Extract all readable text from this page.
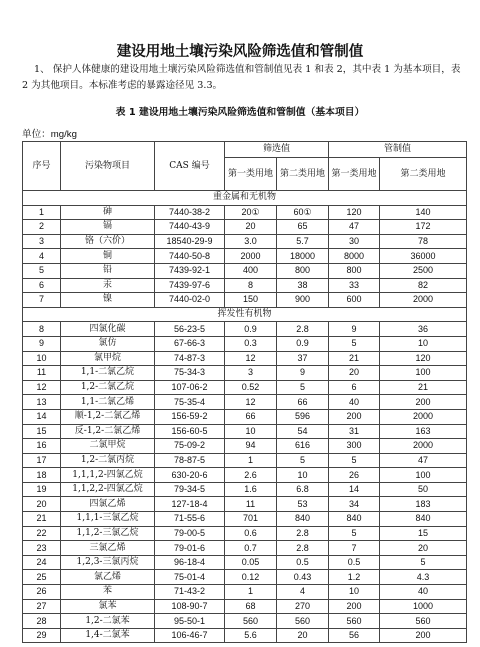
建设用地土壤污染风险筛选值和管制值
1、 保护人体健康的建设用地土壤污染风险筛选值和管制值见表 1 和表 2，其中表 1 为基本项目，表 2 为其他项目。本标准考虑的暴露途径见 3.3。
表 1 建设用地土壤污染风险筛选值和管制值（基本项目）
单位：mg/kg
序号	污染物项目	CAS 编号	筛选值		管制值	
			第一类用地	第二类用地	第一类用地	第二类用地
重金属和无机物						
1	砷	7440-38-2	20①	60①	120	140
2	镉	7440-43-9	20	65	47	172
3	铬（六价）	18540-29-9	3.0	5.7	30	78
4	铜	7440-50-8	2000	18000	8000	36000
5	铅	7439-92-1	400	800	800	2500
6	汞	7439-97-6	8	38	33	82
7	镍	7440-02-0	150	900	600	2000
挥发性有机物						
8	四氯化碳	56-23-5	0.9	2.8	9	36
9	氯仿	67-66-3	0.3	0.9	5	10
10	氯甲烷	74-87-3	12	37	21	120
11	1,1-二氯乙烷	75-34-3	3	9	20	100
12	1,2-二氯乙烷	107-06-2	0.52	5	6	21
13	1,1-二氯乙烯	75-35-4	12	66	40	200
14	顺-1,2-二氯乙烯	156-59-2	66	596	200	2000
15	反-1,2-二氯乙烯	156-60-5	10	54	31	163
16	二氯甲烷	75-09-2	94	616	300	2000
17	1,2-二氯丙烷	78-87-5	1	5	5	47
18	1,1,1,2-四氯乙烷	630-20-6	2.6	10	26	100
19	1,1,2,2-四氯乙烷	79-34-5	1.6	6.8	14	50
20	四氯乙烯	127-18-4	11	53	34	183
21	1,1,1-三氯乙烷	71-55-6	701	840	840	840
22	1,1,2-三氯乙烷	79-00-5	0.6	2.8	5	15
23	三氯乙烯	79-01-6	0.7	2.8	7	20
24	1,2,3-三氯丙烷	96-18-4	0.05	0.5	0.5	5
25	氯乙烯	75-01-4	0.12	0.43	1.2	4.3
26	苯	71-43-2	1	4	10	40
27	氯苯	108-90-7	68	270	200	1000
28	1,2-二氯苯	95-50-1	560	560	560	560
29	1,4-二氯苯	106-46-7	5.6	20	56	200
